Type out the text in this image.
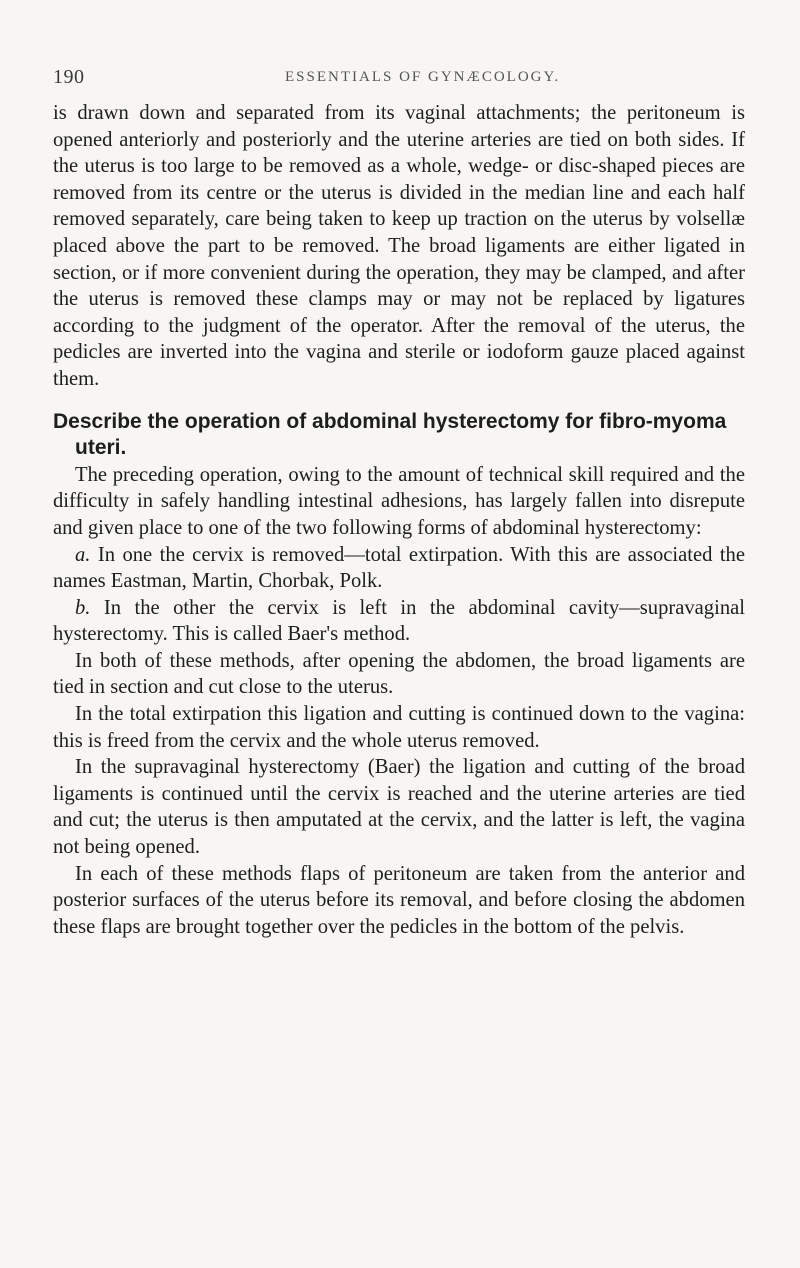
190	ESSENTIALS OF GYNÆCOLOGY.

is drawn down and separated from its vaginal attachments; the peritoneum is opened anteriorly and posteriorly and the uterine arteries are tied on both sides. If the uterus is too large to be removed as a whole, wedge- or disc-shaped pieces are removed from its centre or the uterus is divided in the median line and each half removed separately, care being taken to keep up traction on the uterus by volsellæ placed above the part to be removed. The broad ligaments are either ligated in section, or if more convenient during the operation, they may be clamped, and after the uterus is removed these clamps may or may not be replaced by ligatures according to the judgment of the operator. After the removal of the uterus, the pedicles are inverted into the vagina and sterile or iodoform gauze placed against them.

Describe the operation of abdominal hysterectomy for fibro-myoma uteri.

The preceding operation, owing to the amount of technical skill required and the difficulty in safely handling intestinal adhesions, has largely fallen into disrepute and given place to one of the two following forms of abdominal hysterectomy:

a. In one the cervix is removed—total extirpation. With this are associated the names Eastman, Martin, Chorbak, Polk.

b. In the other the cervix is left in the abdominal cavity—supravaginal hysterectomy. This is called Baer's method.

In both of these methods, after opening the abdomen, the broad ligaments are tied in section and cut close to the uterus.

In the total extirpation this ligation and cutting is continued down to the vagina: this is freed from the cervix and the whole uterus removed.

In the supravaginal hysterectomy (Baer) the ligation and cutting of the broad ligaments is continued until the cervix is reached and the uterine arteries are tied and cut; the uterus is then amputated at the cervix, and the latter is left, the vagina not being opened.

In each of these methods flaps of peritoneum are taken from the anterior and posterior surfaces of the uterus before its removal, and before closing the abdomen these flaps are brought together over the pedicles in the bottom of the pelvis.
